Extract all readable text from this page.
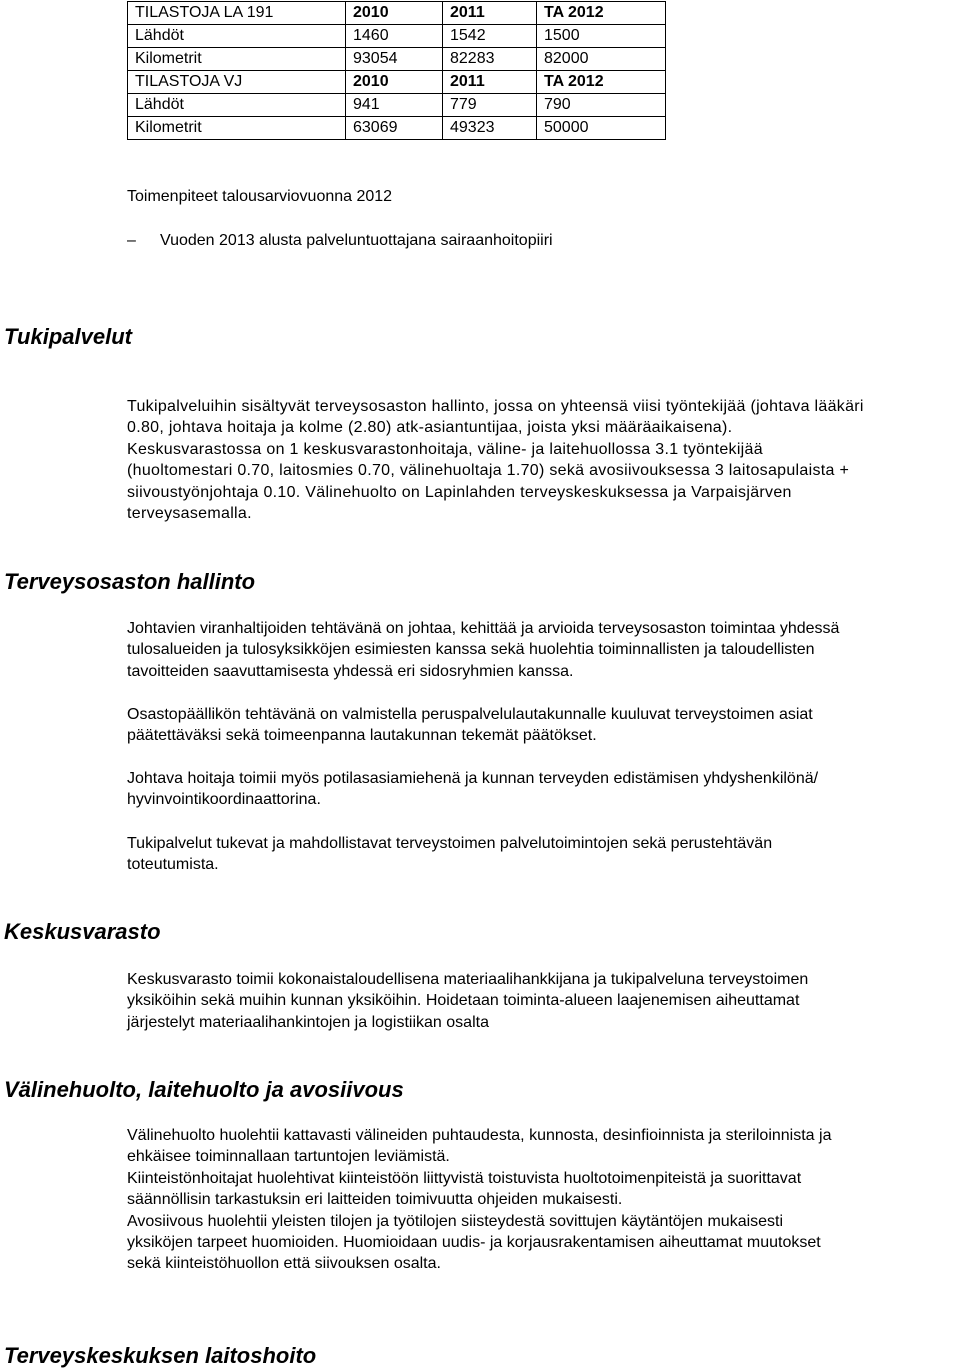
TILASTOJA LA 191	2010	2011	TA 2012
Lähdöt	1460	1542	1500
Kilometrit	93054	82283	82000
TILASTOJA VJ	2010	2011	TA 2012
Lähdöt	941	779	790
Kilometrit	63069	49323	50000
Toimenpiteet talousarviovuonna 2012
– Vuoden 2013 alusta palveluntuottajana sairaanhoitopiiri
Tukipalvelut

Tukipalveluihin sisältyvät terveysosaston hallinto, jossa on yhteensä viisi työntekijää (johtava lääkäri
0.80, johtava hoitaja ja kolme (2.80) atk-asiantuntijaa, joista yksi määräaikaisena).
Keskusvarastossa on 1 keskusvarastonhoitaja, väline- ja laitehuollossa 3.1 työntekijää
(huoltomestari 0.70, laitosmies 0.70, välinehuoltaja 1.70) sekä avosiivouksessa 3 laitosapulaista +
siivoustyönjohtaja 0.10. Välinehuolto on Lapinlahden terveyskeskuksessa ja Varpaisjärven
terveysasemalla.

Terveysosaston hallinto

Johtavien viranhaltijoiden tehtävänä on johtaa, kehittää ja arvioida terveysosaston toimintaa yhdessä
tulosalueiden ja tulosyksikköjen esimiesten kanssa sekä huolehtia toiminnallisten ja taloudellisten
tavoitteiden saavuttamisesta yhdessä eri sidosryhmien kanssa.

Osastopäällikön tehtävänä on valmistella peruspalvelulautakunnalle kuuluvat terveystoimen asiat
päätettäväksi sekä toimeenpanna lautakunnan tekemät päätökset.

Johtava hoitaja toimii myös potilasasiamiehenä ja kunnan terveyden edistämisen yhdyshenkilönä/
hyvinvointikoordinaattorina.

Tukipalvelut tukevat ja mahdollistavat terveystoimen palvelutoimintojen sekä perustehtävän
toteutumista.

Keskusvarasto

Keskusvarasto toimii kokonaistaloudellisena materiaalihankkijana ja tukipalveluna terveystoimen
yksiköihin sekä muihin kunnan yksiköihin. Hoidetaan toiminta-alueen laajenemisen aiheuttamat
järjestelyt materiaalihankintojen ja logistiikan osalta

Välinehuolto, laitehuolto ja avosiivous

Välinehuolto huolehtii kattavasti välineiden puhtaudesta, kunnosta, desinfioinnista ja steriloinnista ja
ehkäisee toiminnallaan tartuntojen leviämistä.
Kiinteistönhoitajat huolehtivat kiinteistöön liittyvistä toistuvista huoltotoimenpiteistä ja suorittavat
säännöllisin tarkastuksin eri laitteiden toimivuutta ohjeiden mukaisesti.
Avosiivous huolehtii yleisten tilojen ja työtilojen siisteydestä sovittujen käytäntöjen mukaisesti
yksiköjen tarpeet huomioiden. Huomioidaan uudis- ja korjausrakentamisen aiheuttamat muutokset
sekä kiinteistöhuollon että siivouksen osalta.

Terveyskeskuksen laitoshoito
